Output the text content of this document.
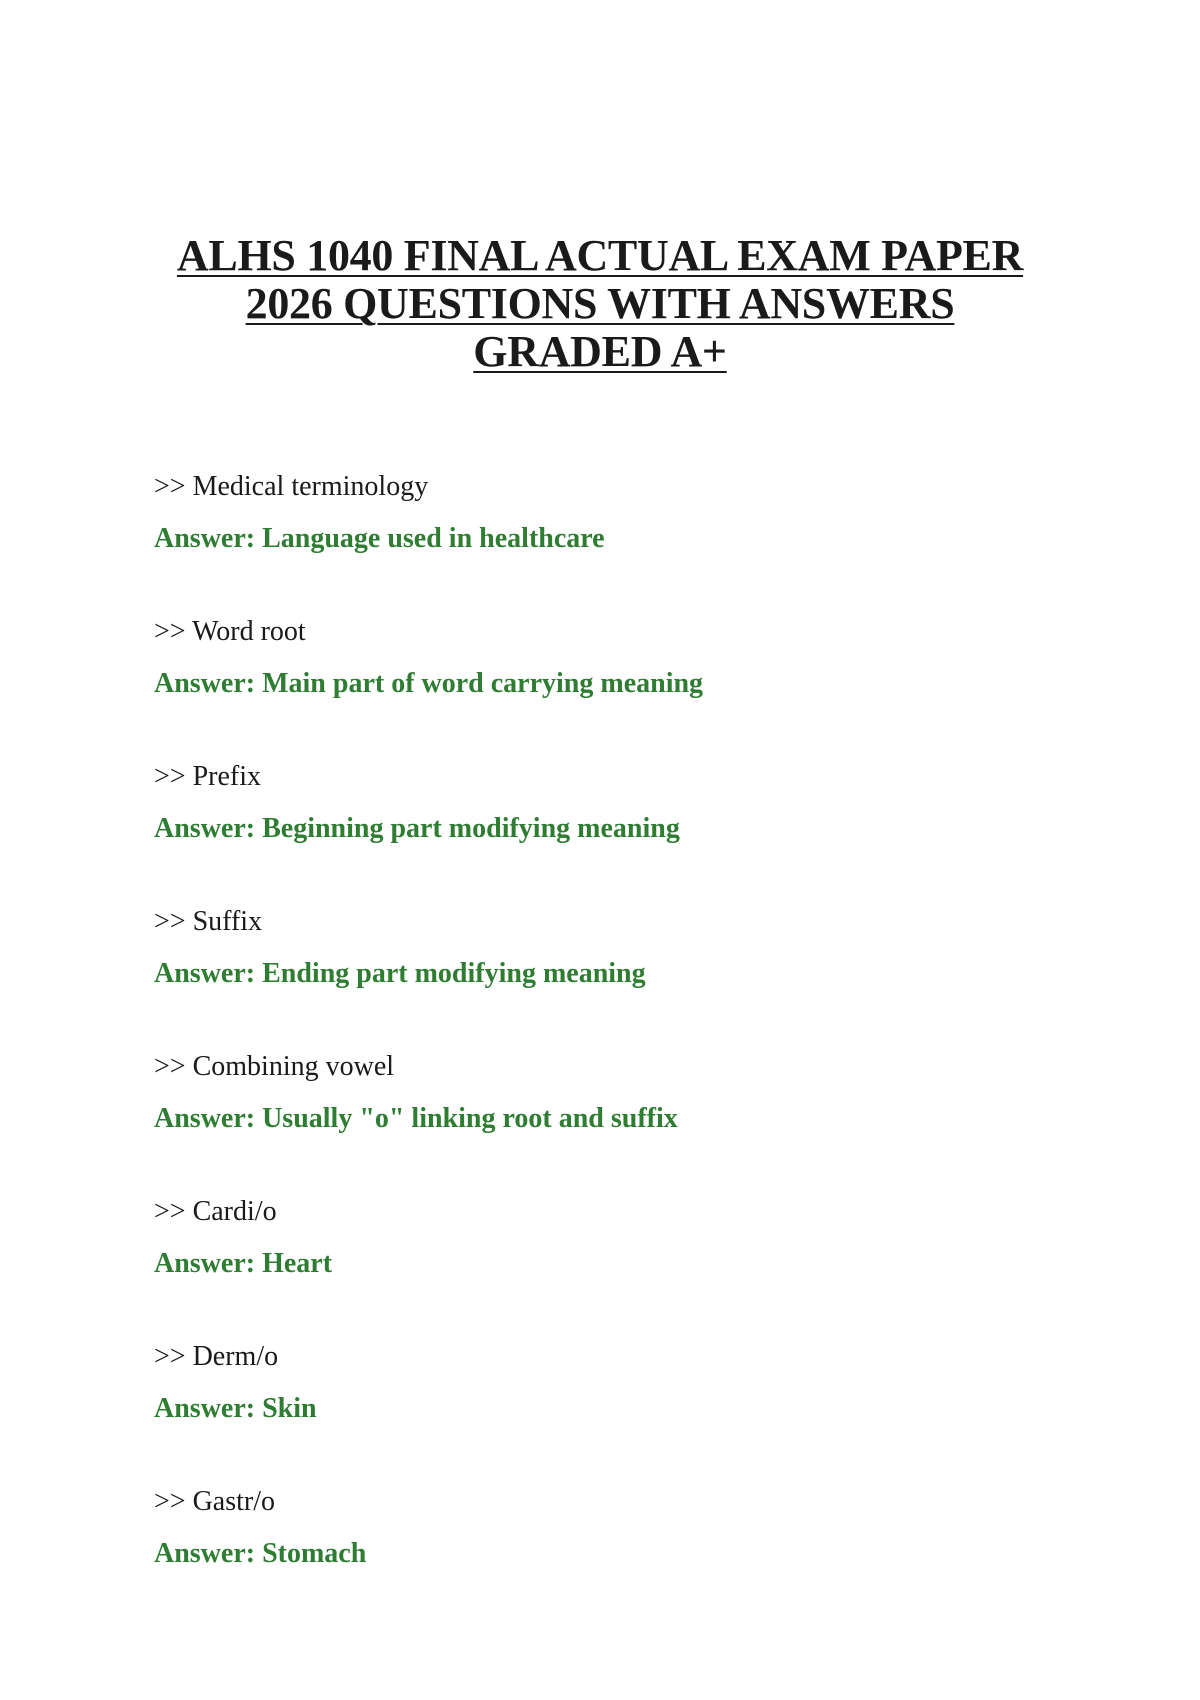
ALHS 1040 FINAL ACTUAL EXAM PAPER
2026 QUESTIONS WITH ANSWERS
GRADED A+
>> Medical terminology
Answer: Language used in healthcare
>> Word root
Answer: Main part of word carrying meaning
>> Prefix
Answer: Beginning part modifying meaning
>> Suffix
Answer: Ending part modifying meaning
>> Combining vowel
Answer: Usually "o" linking root and suffix
>> Cardi/o
Answer: Heart
>> Derm/o
Answer: Skin
>> Gastr/o
Answer: Stomach
